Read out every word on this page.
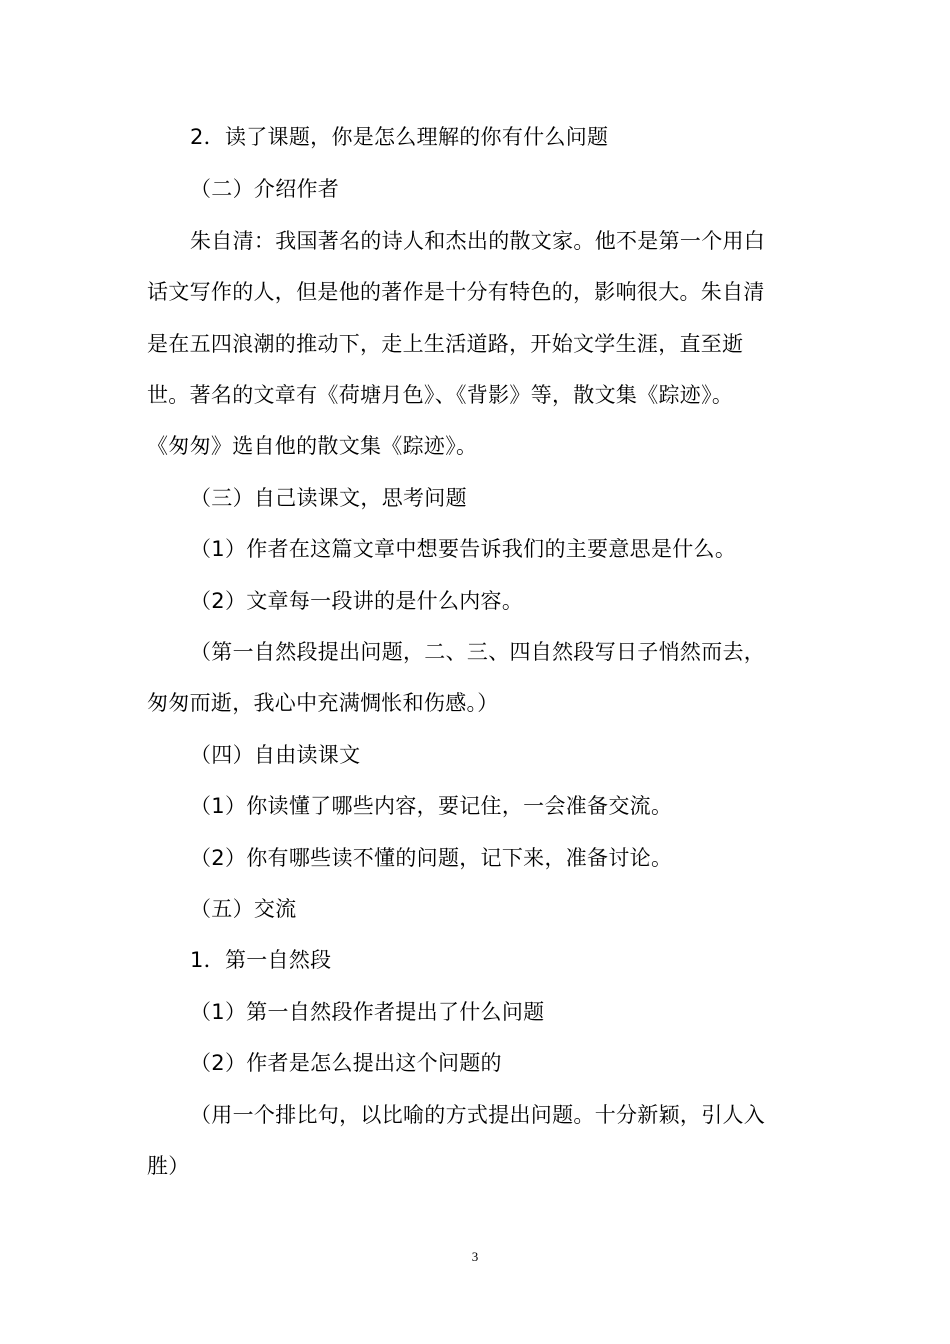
2．读了课题，你是怎么理解的你有什么问题
（二）介绍作者
朱自清：我国著名的诗人和杰出的散文家。他不是第一个用白
话文写作的人，但是他的著作是十分有特色的，影响很大。朱自清
是在五四浪潮的推动下，走上生活道路，开始文学生涯，直至逝
世。著名的文章有《荷塘月色》、《背影》等，散文集《踪迹》。
《匆匆》选自他的散文集《踪迹》。
（三）自己读课文，思考问题
（1）作者在这篇文章中想要告诉我们的主要意思是什么。
（2）文章每一段讲的是什么内容。
（第一自然段提出问题，二、三、四自然段写日子悄然而去，
匆匆而逝，我心中充满惆怅和伤感。）
（四）自由读课文
（1）你读懂了哪些内容，要记住，一会准备交流。
（2）你有哪些读不懂的问题，记下来，准备讨论。
（五）交流
1．第一自然段
（1）第一自然段作者提出了什么问题
（2）作者是怎么提出这个问题的
（用一个排比句，以比喻的方式提出问题。十分新颖，引人入
胜）
3
